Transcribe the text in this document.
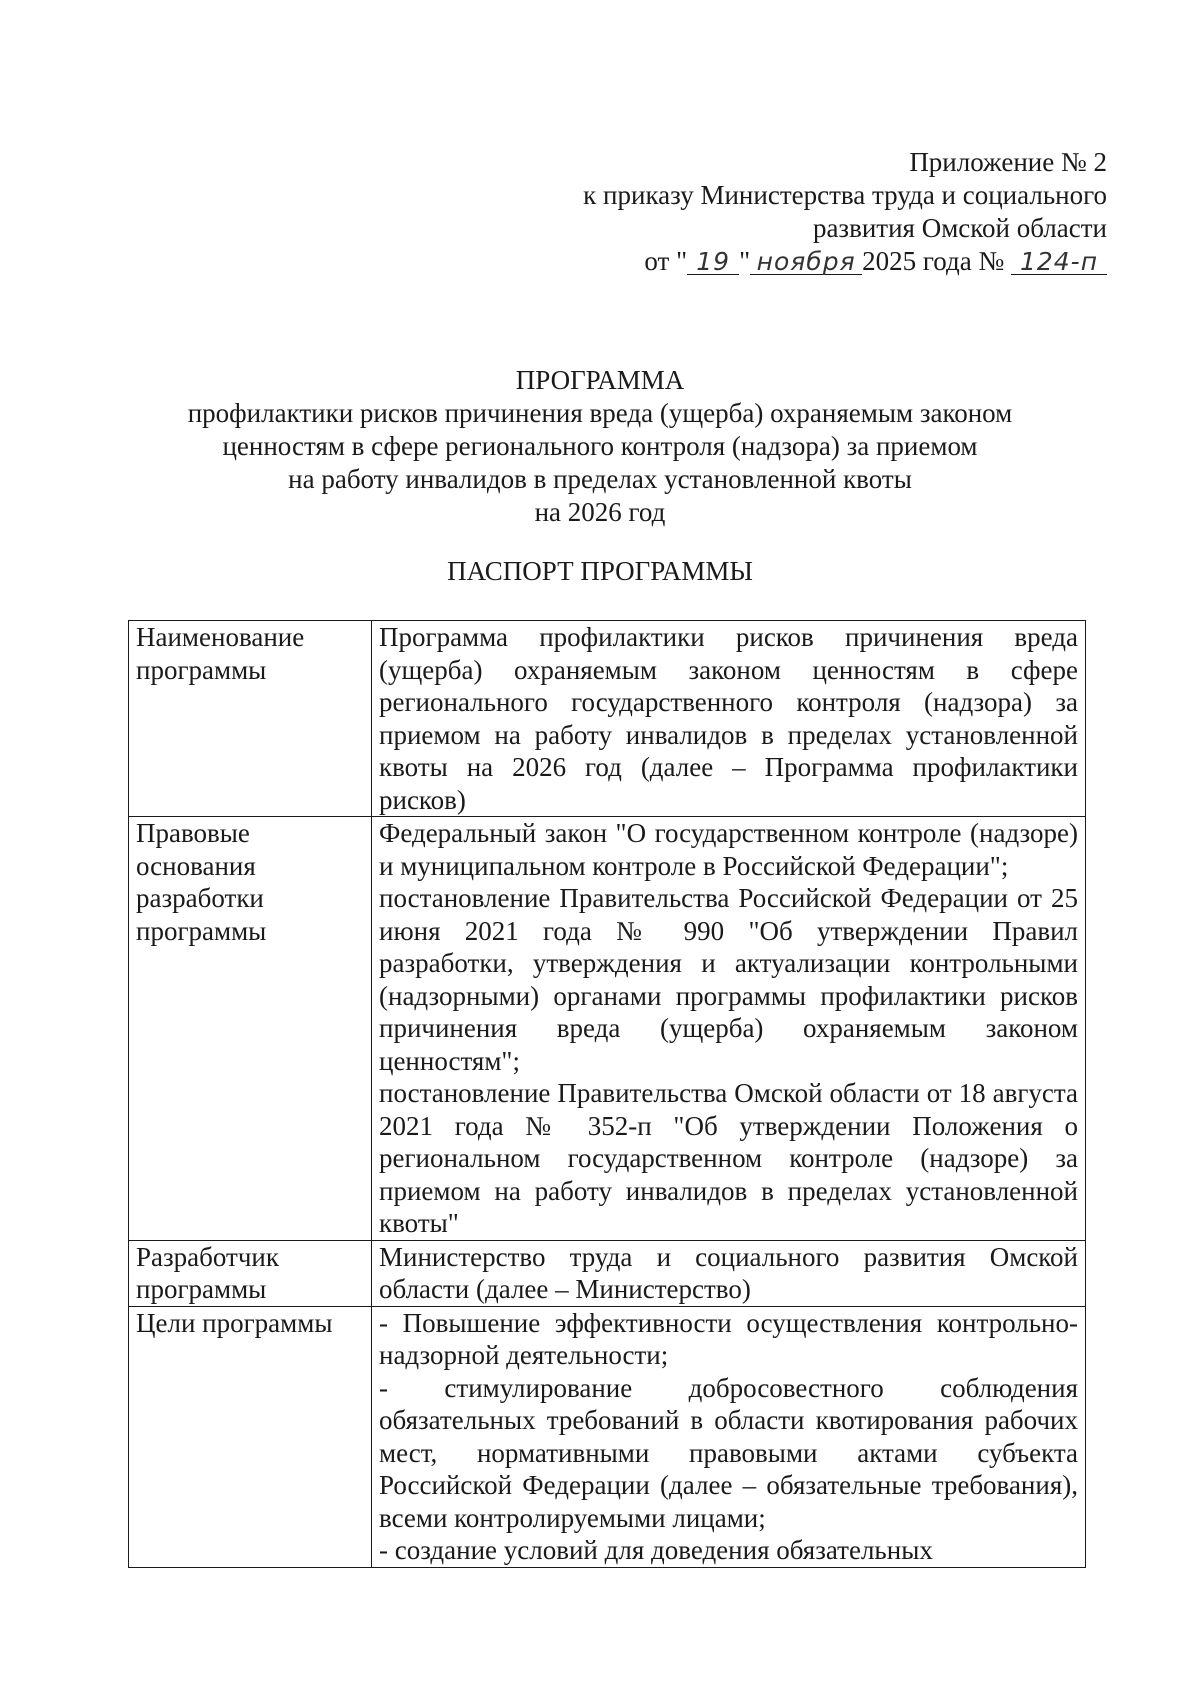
Приложение № 2
к приказу Министерства труда и социального
развития Омской области
от " 19 " ноября 2025 года № 124-п
ПРОГРАММА
профилактики рисков причинения вреда (ущерба) охраняемым законом
ценностям в сфере регионального контроля (надзора) за приемом
на работу инвалидов в пределах установленной квоты
на 2026 год
ПАСПОРТ ПРОГРАММЫ
Наименование программы	Программа профилактики рисков причинения вреда (ущерба) охраняемым законом ценностям в сфере регионального государственного контроля (надзора) за приемом на работу инвалидов в пределах установленной квоты на 2026 год (далее – Программа профилактики рисков)

Правовые основания разработки программы	Федеральный закон "О государственном контроле (надзоре) и муниципальном контроле в Российской Федерации";
постановление Правительства Российской Федерации от 25 июня 2021 года № 990 "Об утверждении Правил разработки, утверждения и актуализации контрольными (надзорными) органами программы профилактики рисков причинения вреда (ущерба) охраняемым законом ценностям";
постановление Правительства Омской области от 18 августа 2021 года № 352-п "Об утверждении Положения о региональном государственном контроле (надзоре) за приемом на работу инвалидов в пределах установленной квоты"

Разработчик программы	Министерство труда и социального развития Омской области (далее – Министерство)

Цели программы	- Повышение эффективности осуществления контрольно-надзорной деятельности;
- стимулирование добросовестного соблюдения обязательных требований в области квотирования рабочих мест, нормативными правовыми актами субъекта Российской Федерации (далее – обязательные требования), всеми контролируемыми лицами;
- создание условий для доведения обязательных
